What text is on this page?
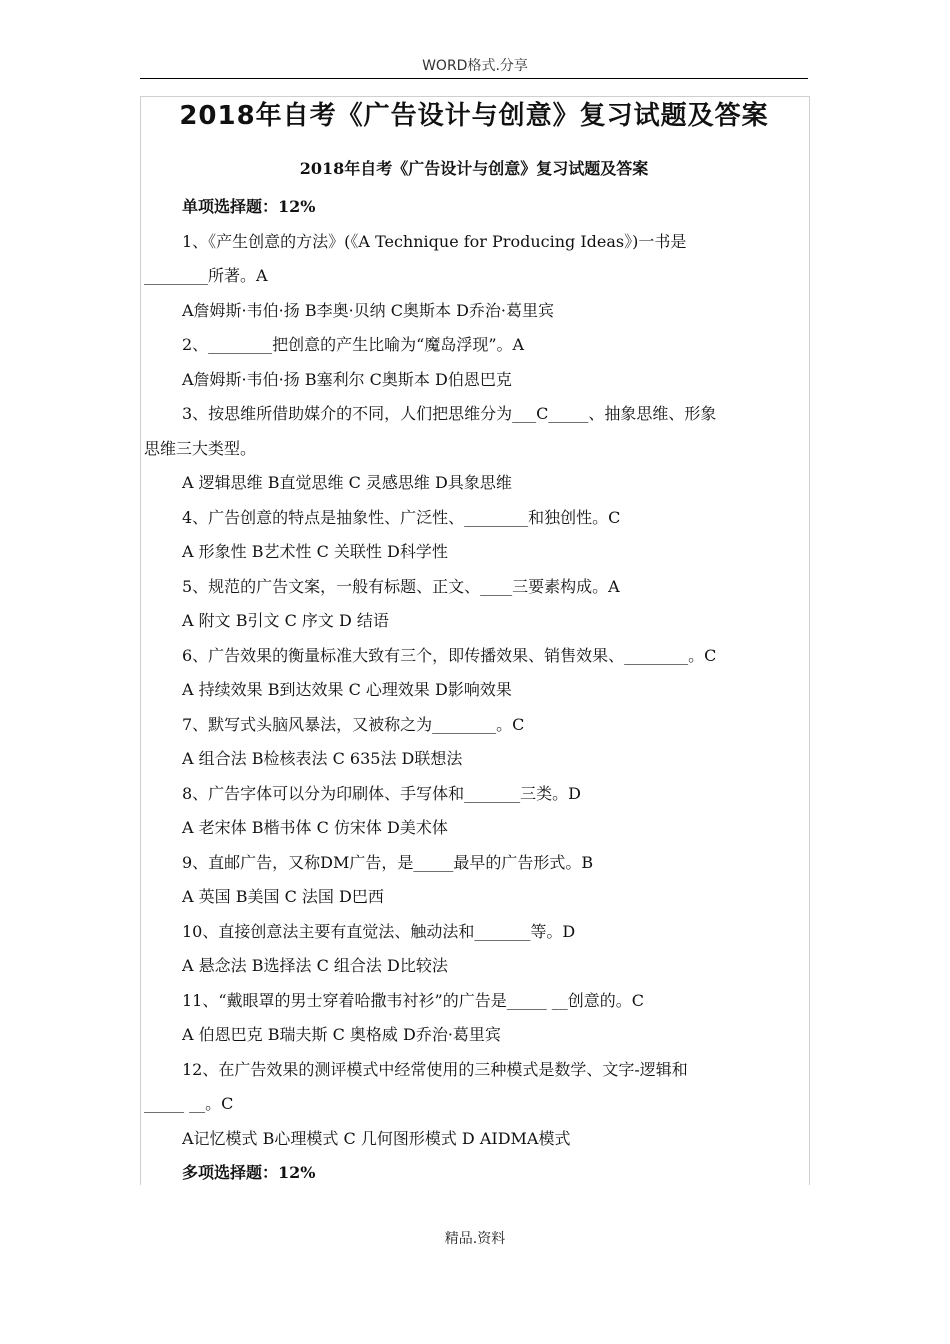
WORD格式.分享
2018年自考《广告设计与创意》复习试题及答案
2018年自考《广告设计与创意》复习试题及答案
单项选择题：12%
1、《产生创意的方法》(《A Technique for Producing Ideas》)一书是
________所著。A
A詹姆斯·韦伯·扬 B李奥·贝纳 C奥斯本 D乔治·葛里宾
2、________把创意的产生比喻为“魔岛浮现”。A
A詹姆斯·韦伯·扬 B塞利尔 C奥斯本 D伯恩巴克
3、按思维所借助媒介的不同，人们把思维分为___C_____、抽象思维、形象
思维三大类型。
A 逻辑思维 B直觉思维 C 灵感思维 D具象思维
4、广告创意的特点是抽象性、广泛性、________和独创性。C
A 形象性 B艺术性 C 关联性 D科学性
5、规范的广告文案，一般有标题、正文、____三要素构成。A
A 附文 B引文 C 序文 D 结语
6、广告效果的衡量标准大致有三个，即传播效果、销售效果、________。C
A 持续效果 B到达效果 C 心理效果 D影响效果
7、默写式头脑风暴法，又被称之为________。C
A 组合法 B检核表法 C 635法 D联想法
8、广告字体可以分为印刷体、手写体和_______三类。D
A 老宋体 B楷书体 C 仿宋体 D美术体
9、直邮广告，又称DM广告，是_____最早的广告形式。B
A 英国 B美国 C 法国 D巴西
10、直接创意法主要有直觉法、触动法和_______等。D
A 悬念法 B选择法 C 组合法 D比较法
11、“戴眼罩的男士穿着哈撒韦衬衫”的广告是_____ __创意的。C
A 伯恩巴克 B瑞夫斯 C 奥格威 D乔治·葛里宾
12、在广告效果的测评模式中经常使用的三种模式是数学、文字-逻辑和
_____ __。C
A记忆模式 B心理模式 C 几何图形模式 D AIDMA模式
多项选择题：12%
精品.资料
